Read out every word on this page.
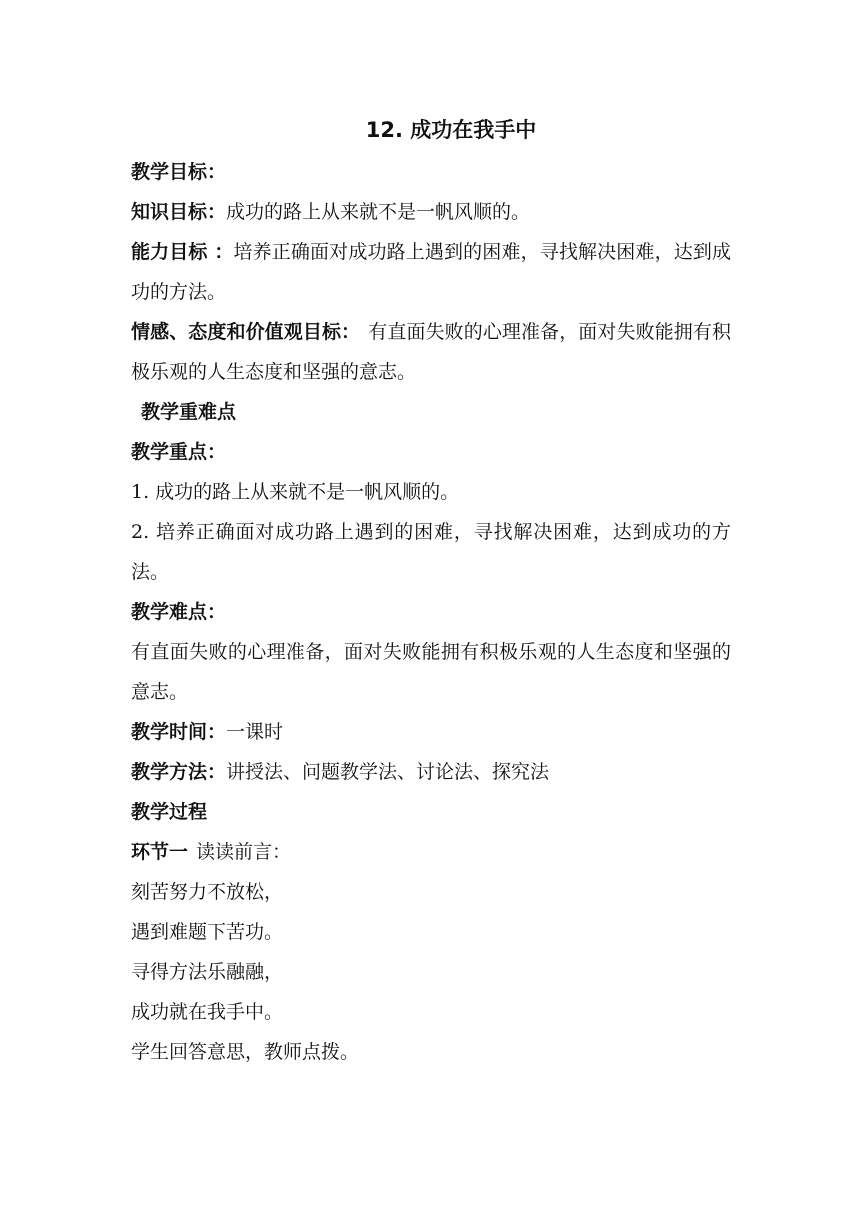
12. 成功在我手中
教学目标：
知识目标：成功的路上从来就不是一帆风顺的。
能力目标 ：培养正确面对成功路上遇到的困难，寻找解决困难，达到成功的方法。
情感、态度和价值观目标： 有直面失败的心理准备，面对失败能拥有积极乐观的人生态度和坚强的意志。
教学重难点
教学重点：
1. 成功的路上从来就不是一帆风顺的。
2. 培养正确面对成功路上遇到的困难，寻找解决困难，达到成功的方法。
教学难点：
有直面失败的心理准备，面对失败能拥有积极乐观的人生态度和坚强的意志。
教学时间：一课时
教学方法：讲授法、问题教学法、讨论法、探究法
教学过程
环节一 读读前言：
刻苦努力不放松，
遇到难题下苦功。
寻得方法乐融融，
成功就在我手中。
学生回答意思，教师点拨。
